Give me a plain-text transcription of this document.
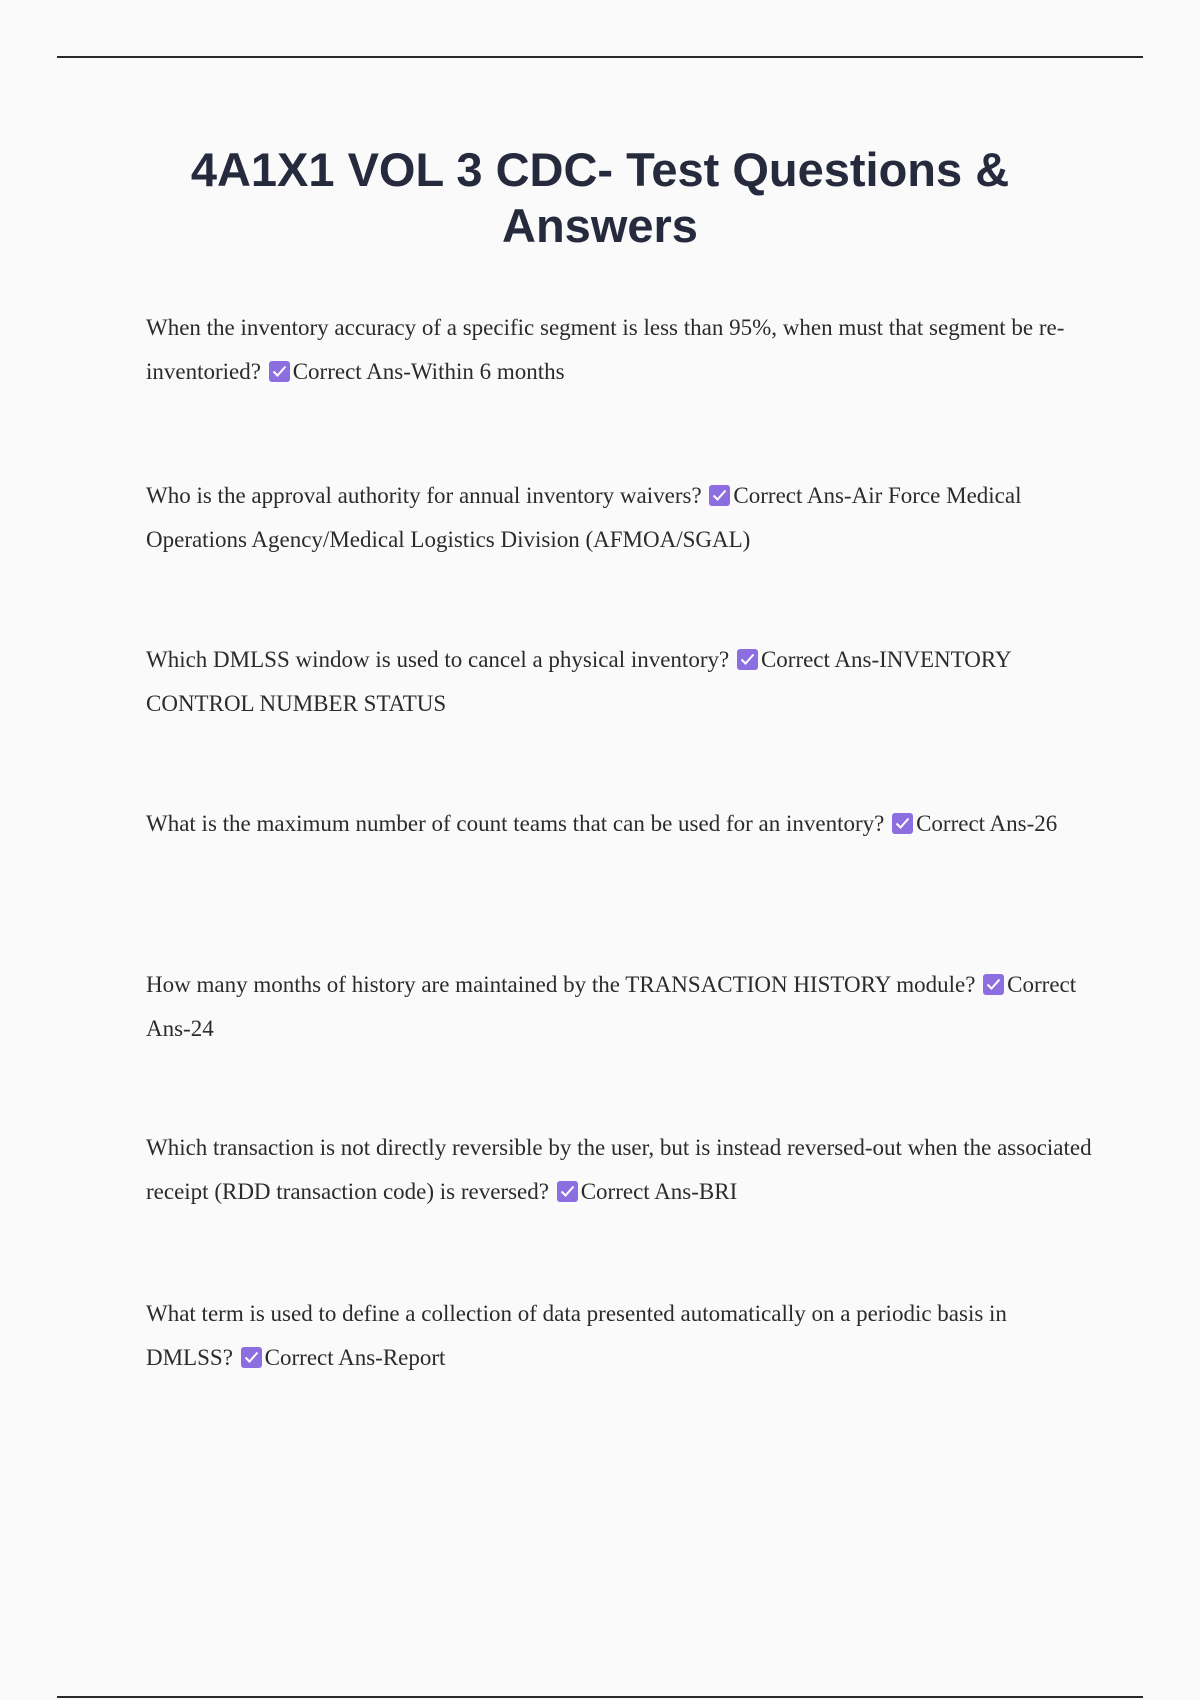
4A1X1 VOL 3 CDC- Test Questions & Answers

When the inventory accuracy of a specific segment is less than 95%, when must that segment be re-inventoried? Correct Ans-Within 6 months

Who is the approval authority for annual inventory waivers? Correct Ans-Air Force Medical Operations Agency/Medical Logistics Division (AFMOA/SGAL)

Which DMLSS window is used to cancel a physical inventory? Correct Ans-INVENTORY CONTROL NUMBER STATUS

What is the maximum number of count teams that can be used for an inventory? Correct Ans-26

How many months of history are maintained by the TRANSACTION HISTORY module? Correct Ans-24

Which transaction is not directly reversible by the user, but is instead reversed-out when the associated receipt (RDD transaction code) is reversed? Correct Ans-BRI

What term is used to define a collection of data presented automatically on a periodic basis in DMLSS? Correct Ans-Report
